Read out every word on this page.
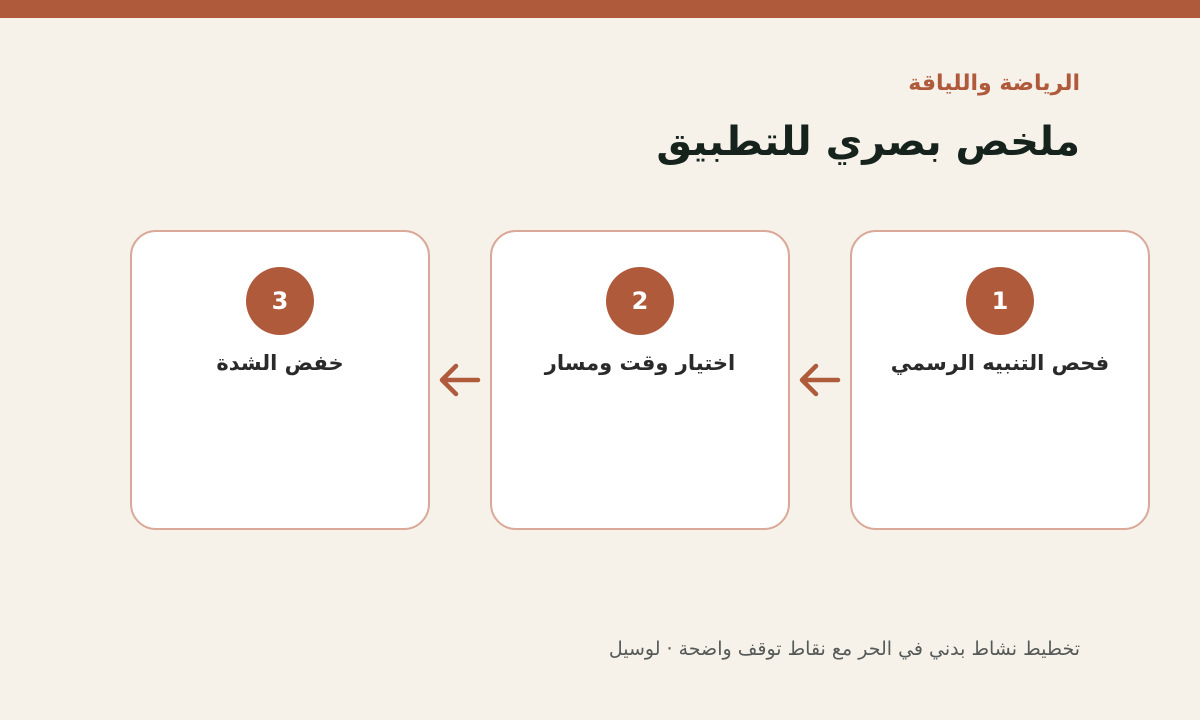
الرياضة واللياقة
ملخص بصري للتطبيق
1
فحص التنبيه الرسمي
2
اختيار وقت ومسار
3
خفض الشدة
تخطيط نشاط بدني في الحر مع نقاط توقف واضحة · لوسيل
